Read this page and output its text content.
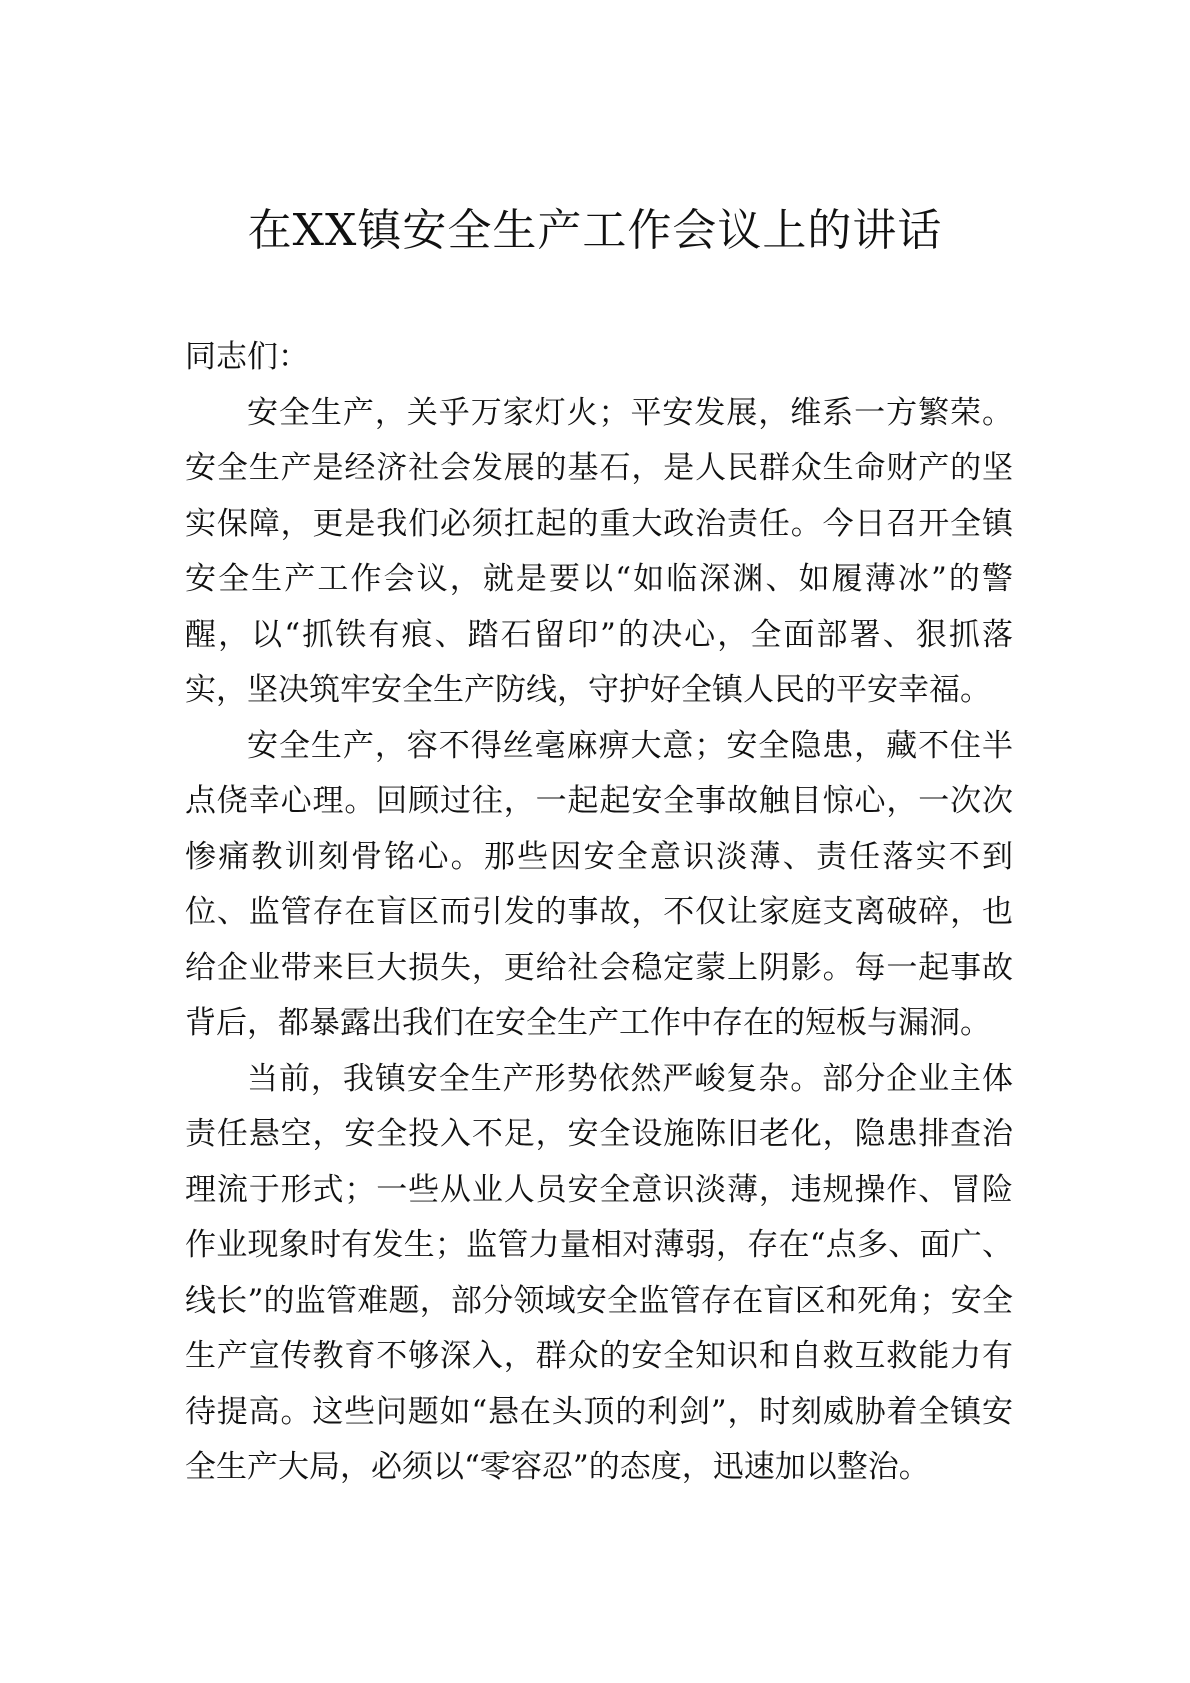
在XX镇安全生产工作会议上的讲话

同志们：

安全生产，关乎万家灯火；平安发展，维系一方繁荣。安全生产是经济社会发展的基石，是人民群众生命财产的坚实保障，更是我们必须扛起的重大政治责任。今日召开全镇安全生产工作会议，就是要以“如临深渊、如履薄冰”的警醒，以“抓铁有痕、踏石留印”的决心，全面部署、狠抓落实，坚决筑牢安全生产防线，守护好全镇人民的平安幸福。

安全生产，容不得丝毫麻痹大意；安全隐患，藏不住半点侥幸心理。回顾过往，一起起安全事故触目惊心，一次次惨痛教训刻骨铭心。那些因安全意识淡薄、责任落实不到位、监管存在盲区而引发的事故，不仅让家庭支离破碎，也给企业带来巨大损失，更给社会稳定蒙上阴影。每一起事故背后，都暴露出我们在安全生产工作中存在的短板与漏洞。

当前，我镇安全生产形势依然严峻复杂。部分企业主体责任悬空，安全投入不足，安全设施陈旧老化，隐患排查治理流于形式；一些从业人员安全意识淡薄，违规操作、冒险作业现象时有发生；监管力量相对薄弱，存在“点多、面广、线长”的监管难题，部分领域安全监管存在盲区和死角；安全生产宣传教育不够深入，群众的安全知识和自救互救能力有待提高。这些问题如“悬在头顶的利剑”，时刻威胁着全镇安全生产大局，必须以“零容忍”的态度，迅速加以整治。
